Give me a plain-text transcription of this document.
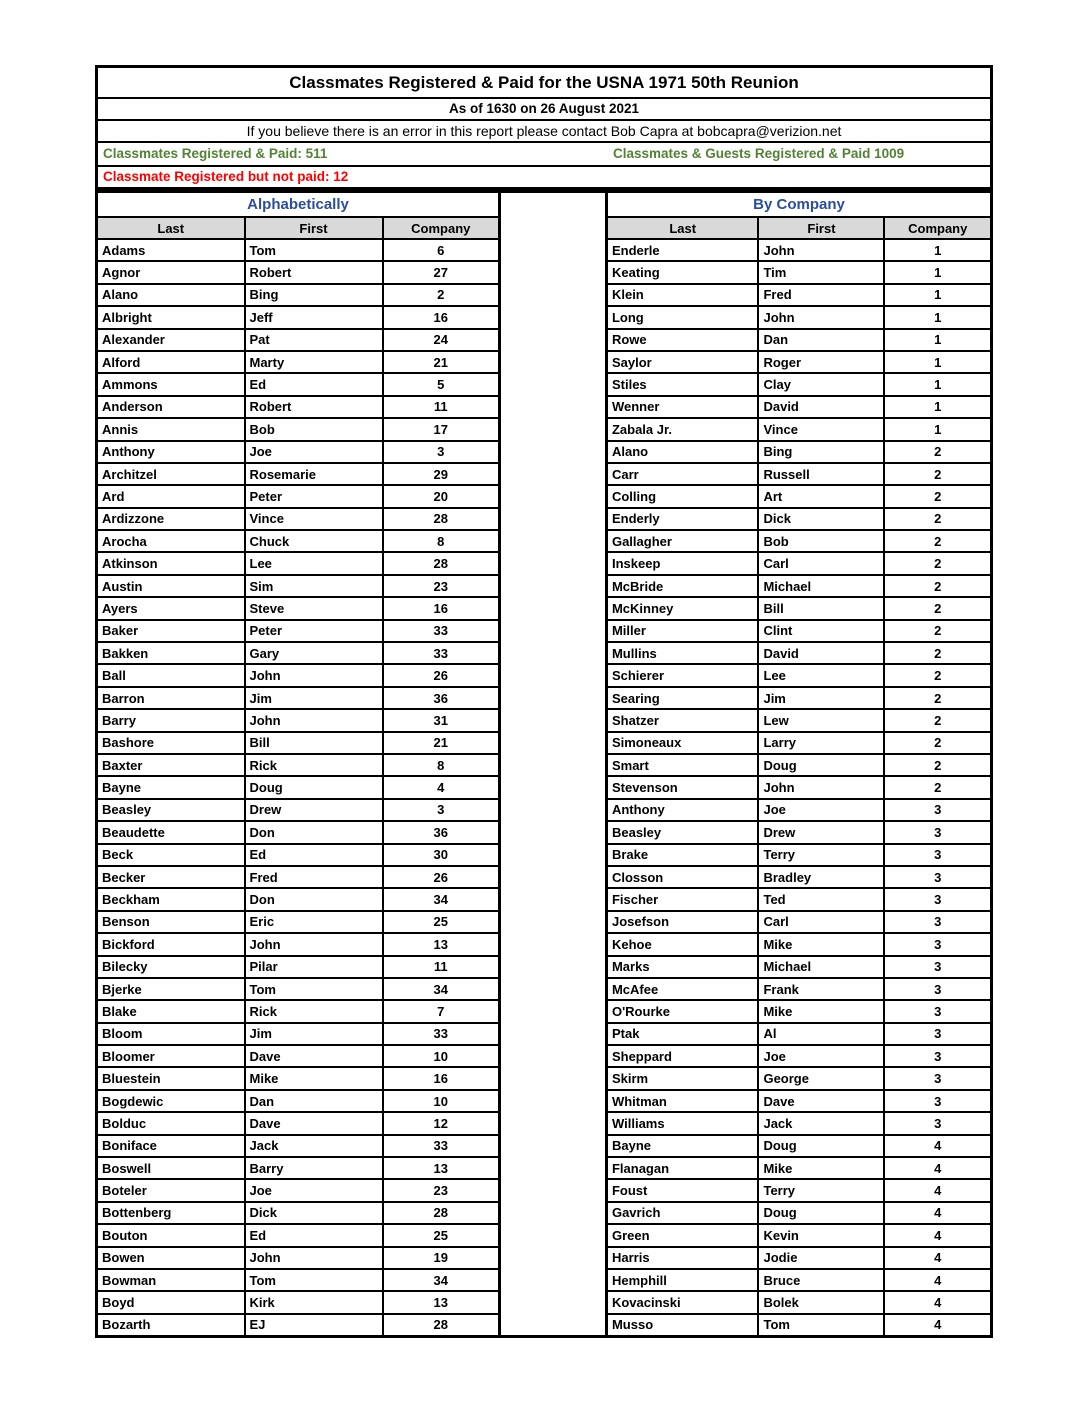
Classmates Registered & Paid for the USNA 1971 50th Reunion
As of 1630 on 26 August 2021
If you believe there is an error in this report please contact Bob Capra at bobcapra@verizion.net
Classmates Registered & Paid: 511	Classmates & Guests Registered & Paid 1009
Classmate Registered but not paid: 12
Alphabetically		
Last	First	Company
Adams	Tom	6
Agnor	Robert	27
Alano	Bing	2
Albright	Jeff	16
Alexander	Pat	24
Alford	Marty	21
Ammons	Ed	5
Anderson	Robert	11
Annis	Bob	17
Anthony	Joe	3
Architzel	Rosemarie	29
Ard	Peter	20
Ardizzone	Vince	28
Arocha	Chuck	8
Atkinson	Lee	28
Austin	Sim	23
Ayers	Steve	16
Baker	Peter	33
Bakken	Gary	33
Ball	John	26
Barron	Jim	36
Barry	John	31
Bashore	Bill	21
Baxter	Rick	8
Bayne	Doug	4
Beasley	Drew	3
Beaudette	Don	36
Beck	Ed	30
Becker	Fred	26
Beckham	Don	34
Benson	Eric	25
Bickford	John	13
Bilecky	Pilar	11
Bjerke	Tom	34
Blake	Rick	7
Bloom	Jim	33
Bloomer	Dave	10
Bluestein	Mike	16
Bogdewic	Dan	10
Bolduc	Dave	12
Boniface	Jack	33
Boswell	Barry	13
Boteler	Joe	23
Bottenberg	Dick	28
Bouton	Ed	25
Bowen	John	19
Bowman	Tom	34
Boyd	Kirk	13
Bozarth	EJ	28
By Company		
Last	First	Company
Enderle	John	1
Keating	Tim	1
Klein	Fred	1
Long	John	1
Rowe	Dan	1
Saylor	Roger	1
Stiles	Clay	1
Wenner	David	1
Zabala Jr.	Vince	1
Alano	Bing	2
Carr	Russell	2
Colling	Art	2
Enderly	Dick	2
Gallagher	Bob	2
Inskeep	Carl	2
McBride	Michael	2
McKinney	Bill	2
Miller	Clint	2
Mullins	David	2
Schierer	Lee	2
Searing	Jim	2
Shatzer	Lew	2
Simoneaux	Larry	2
Smart	Doug	2
Stevenson	John	2
Anthony	Joe	3
Beasley	Drew	3
Brake	Terry	3
Closson	Bradley	3
Fischer	Ted	3
Josefson	Carl	3
Kehoe	Mike	3
Marks	Michael	3
McAfee	Frank	3
O'Rourke	Mike	3
Ptak	Al	3
Sheppard	Joe	3
Skirm	George	3
Whitman	Dave	3
Williams	Jack	3
Bayne	Doug	4
Flanagan	Mike	4
Foust	Terry	4
Gavrich	Doug	4
Green	Kevin	4
Harris	Jodie	4
Hemphill	Bruce	4
Kovacinski	Bolek	4
Musso	Tom	4
